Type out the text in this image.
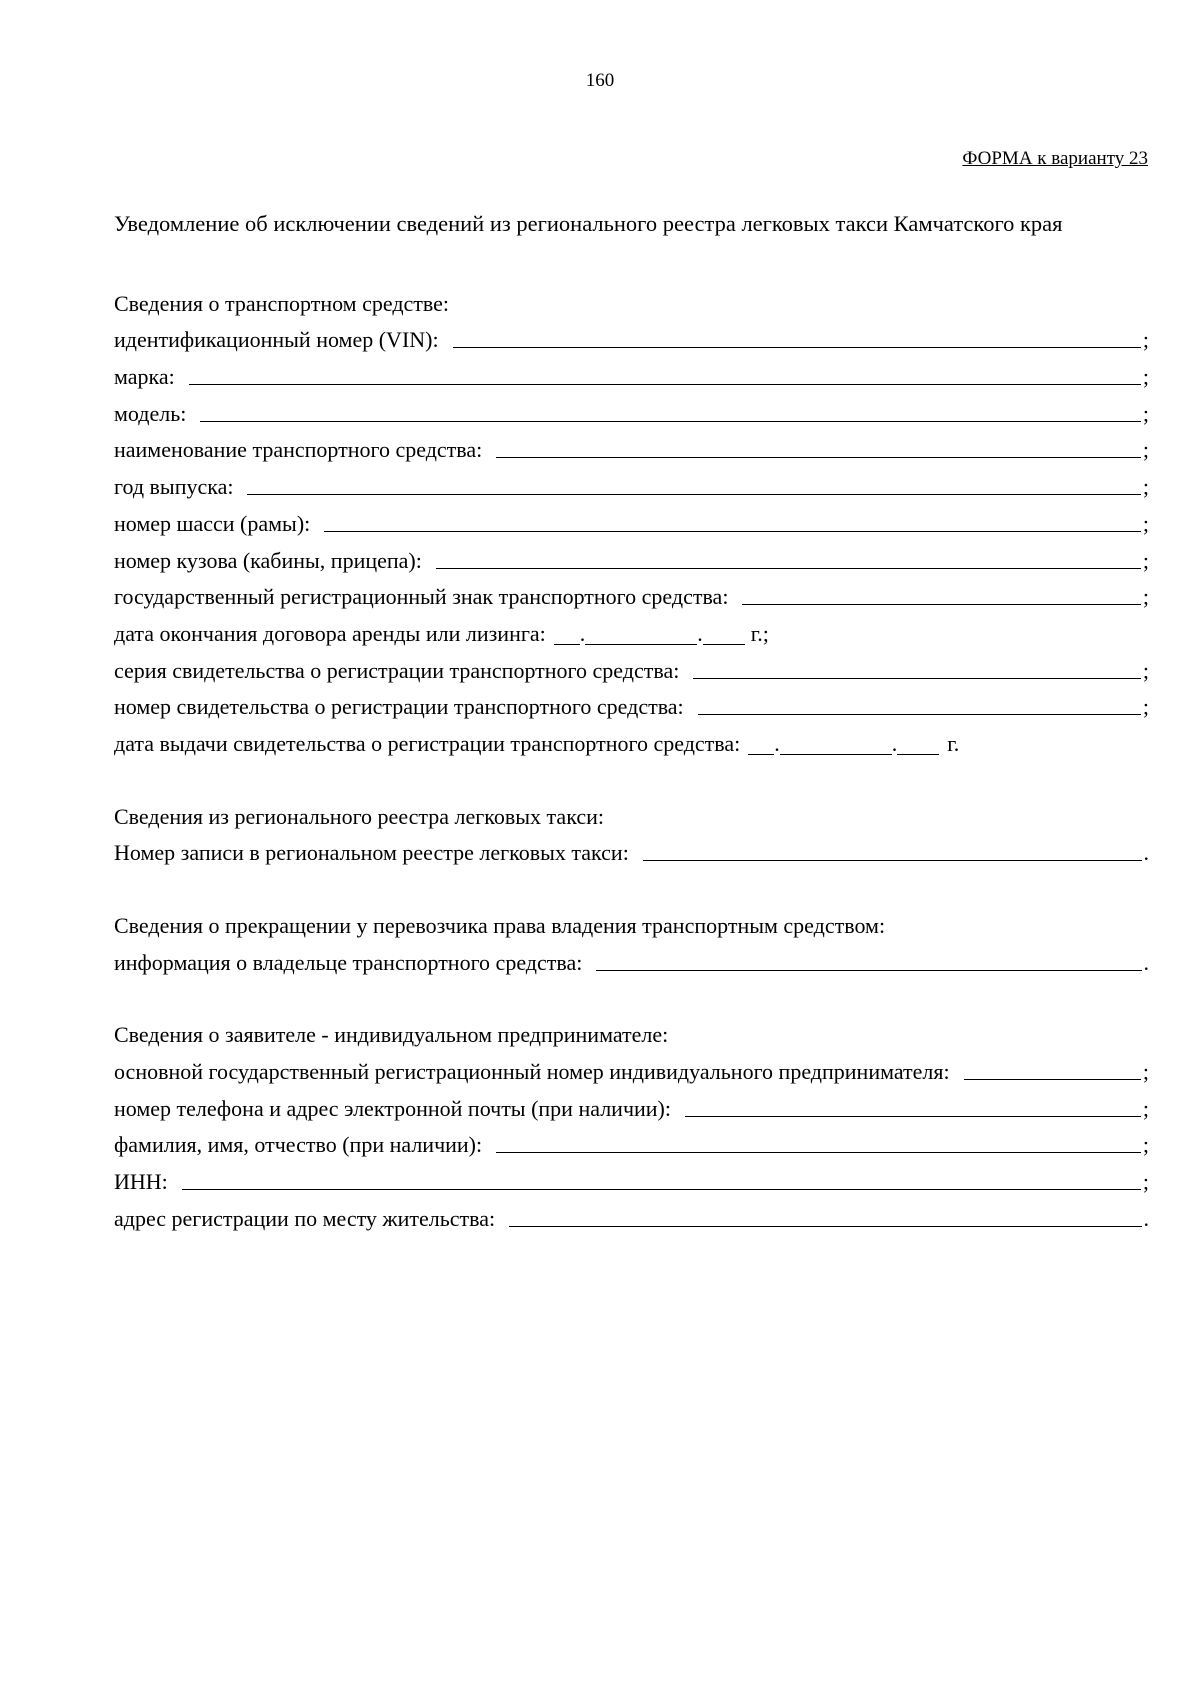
160
ФОРМА к варианту 23
Уведомление об исключении сведений из регионального реестра легковых такси Камчатского края
Сведения о транспортном средстве:
идентификационный номер (VIN):	;
марка:	;
модель:	;
наименование транспортного средства:	;
год выпуска:	;
номер шасси (рамы):	;
номер кузова (кабины, прицепа):	;
государственный регистрационный знак транспортного средства:	;
дата окончания договора аренды или лизинга:	.	.	г.;
серия свидетельства о регистрации транспортного средства:	;
номер свидетельства о регистрации транспортного средства:	;
дата выдачи свидетельства о регистрации транспортного средства:	.	.	г.
Сведения из регионального реестра легковых такси:
Номер записи в региональном реестре легковых такси:	.
Сведения о прекращении у перевозчика права владения транспортным средством:
информация о владельце транспортного средства:	.
Сведения о заявителе - индивидуальном предпринимателе:
основной государственный регистрационный номер индивидуального предпринимателя:	;
номер телефона и адрес электронной почты (при наличии):	;
фамилия, имя, отчество (при наличии):	;
ИНН:	;
адрес регистрации по месту жительства:	.
